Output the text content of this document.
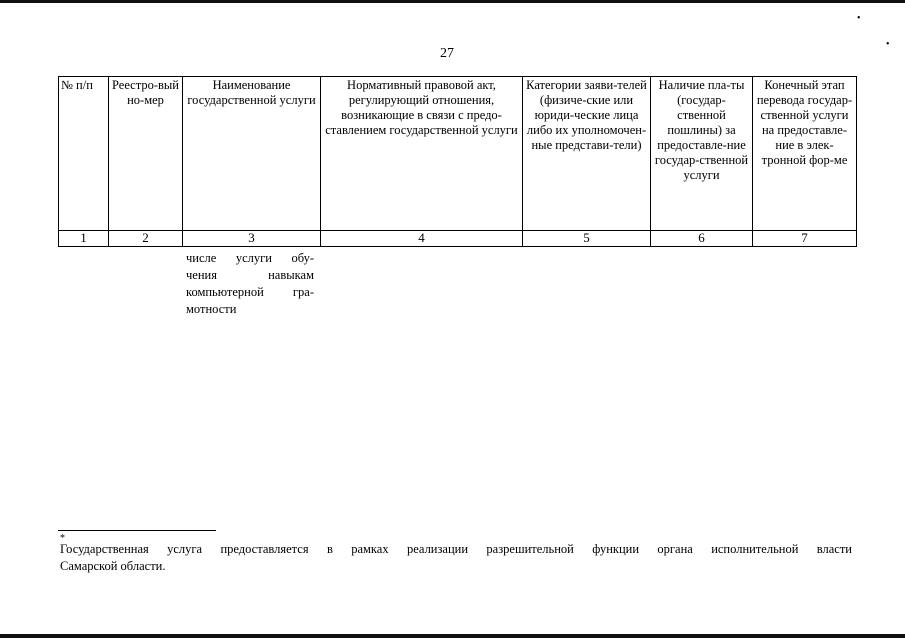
•
•
27
№ п/п	Реестро-вый но-мер	Наименование государственной услуги	Нормативный правовой акт, регулирующий отношения, возникающие в связи с предо-ставлением государственной услуги	Категории заяви-телей (физиче-ские или юриди-ческие лица либо их уполномочен-ные представи-тели)	Наличие пла-ты (государ-ственной пошлины) за предоставле-ние государ-ственной услуги	Конечный этап перевода государ-ственной услуги на предоставле-ние в элек-тронной фор-ме
1	2	3	4	5	6	7
числе услуги обу-
чения навыкам
компьютерной гра-
мотности
*
Государственная услуга предоставляется в рамках реализации разрешительной функции органа исполнительной власти
Самарской области.
